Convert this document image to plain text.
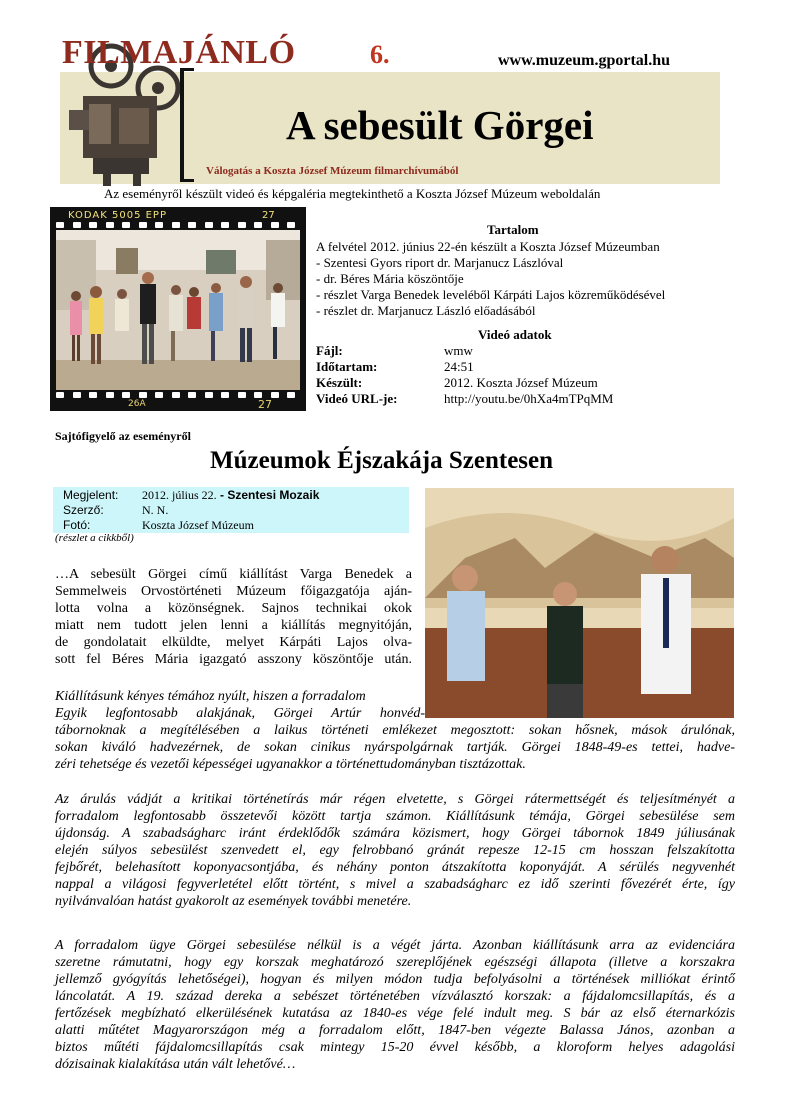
FILMAJÁNLÓ	6.	www.muzeum.gportal.hu
A sebesült Görgei
Válogatás a Koszta József Múzeum filmarchívumából
Az eseményről készült videó és képgaléria megtekinthető a Koszta József Múzeum weboldalán
KODAK 5005 EPP	27
26A	27
Tartalom
A felvétel 2012. június 22-én készült a Koszta József Múzeumban
- Szentesi Gyors riport dr. Marjanucz Lászlóval
- dr. Béres Mária köszöntője
- részlet Varga Benedek leveléből Kárpáti Lajos közreműködésével
- részlet dr. Marjanucz László előadásából
Videó adatok
Fájl:	wmw
Időtartam:	24:51
Készült:	2012. Koszta József Múzeum
Videó URL-je:	http://youtu.be/0hXa4mTPqMM
Sajtófigyelő az eseményről
Múzeumok Éjszakája Szentesen
Megjelent: 2012. július 22. - Szentesi Mozaik
Szerző:	N. N.
Fotó:	Koszta József Múzeum
(részlet a cikkből)
…A sebesült Görgei című kiállítást Varga Benedek a
Semmelweis Orvostörténeti Múzeum főigazgatója aján-
lotta volna a közönségnek. Sajnos technikai okok
miatt nem tudott jelen lenni a kiállítás megnyitóján,
de gondolatait elküldte, melyet Kárpáti Lajos olva-
sott fel Béres Mária igazgató asszony köszöntője után.
Kiállításunk kényes témához nyúlt, hiszen a forradalom
Egyik legfontosabb alakjának, Görgei Artúr honvéd-
tábornoknak a megítélésében a laikus történeti emlékezet megosztott: sokan hősnek, mások árulónak,
sokan kiváló hadvezérnek, de sokan cinikus nyárspolgárnak tartják. Görgei 1848-49-es tettei, hadve-
zéri tehetsége és vezetői képességei ugyanakkor a történettudományban tisztázottak.
Az árulás vádját a kritikai történetírás már régen elvetette, s Görgei rátermettségét és teljesítményét a
forradalom legfontosabb összetevői között tartja számon. Kiállításunk témája, Görgei sebesülése sem
újdonság. A szabadságharc iránt érdeklődők számára közismert, hogy Görgei tábornok 1849 júliusának
elején súlyos sebesülést szenvedett el, egy felrobbanó gránát repesze 12-15 cm hosszan felszakította
fejbőrét, belehasított koponyacsontjába, és néhány ponton átszakította koponyáját. A sérülés negyvenhét
nappal a világosi fegyverletétel előtt történt, s mivel a szabadságharc ez idő szerinti fővezérét érte, így
nyilvánvalóan hatást gyakorolt az események további menetére.
A forradalom ügye Görgei sebesülése nélkül is a végét járta. Azonban kiállításunk arra az evidenciára
szeretne rámutatni, hogy egy korszak meghatározó szereplőjének egészségi állapota (illetve a korszakra
jellemző gyógyítás lehetőségei), hogyan és milyen módon tudja befolyásolni a történések milliókat érintő
láncolatát. A 19. század dereka a sebészet történetében vízválasztó korszak: a fájdalomcsillapítás, és a
fertőzések megbízható elkerülésének kutatása az 1840-es vége felé indult meg. S bár az első éternarkózis
alatti műtétet Magyarországon még a forradalom előtt, 1847-ben végezte Balassa János, azonban a
biztos műtéti fájdalomcsillapítás csak mintegy 15-20 évvel később, a kloroform helyes adagolási
dózisainak kialakítása után vált lehetővé…
